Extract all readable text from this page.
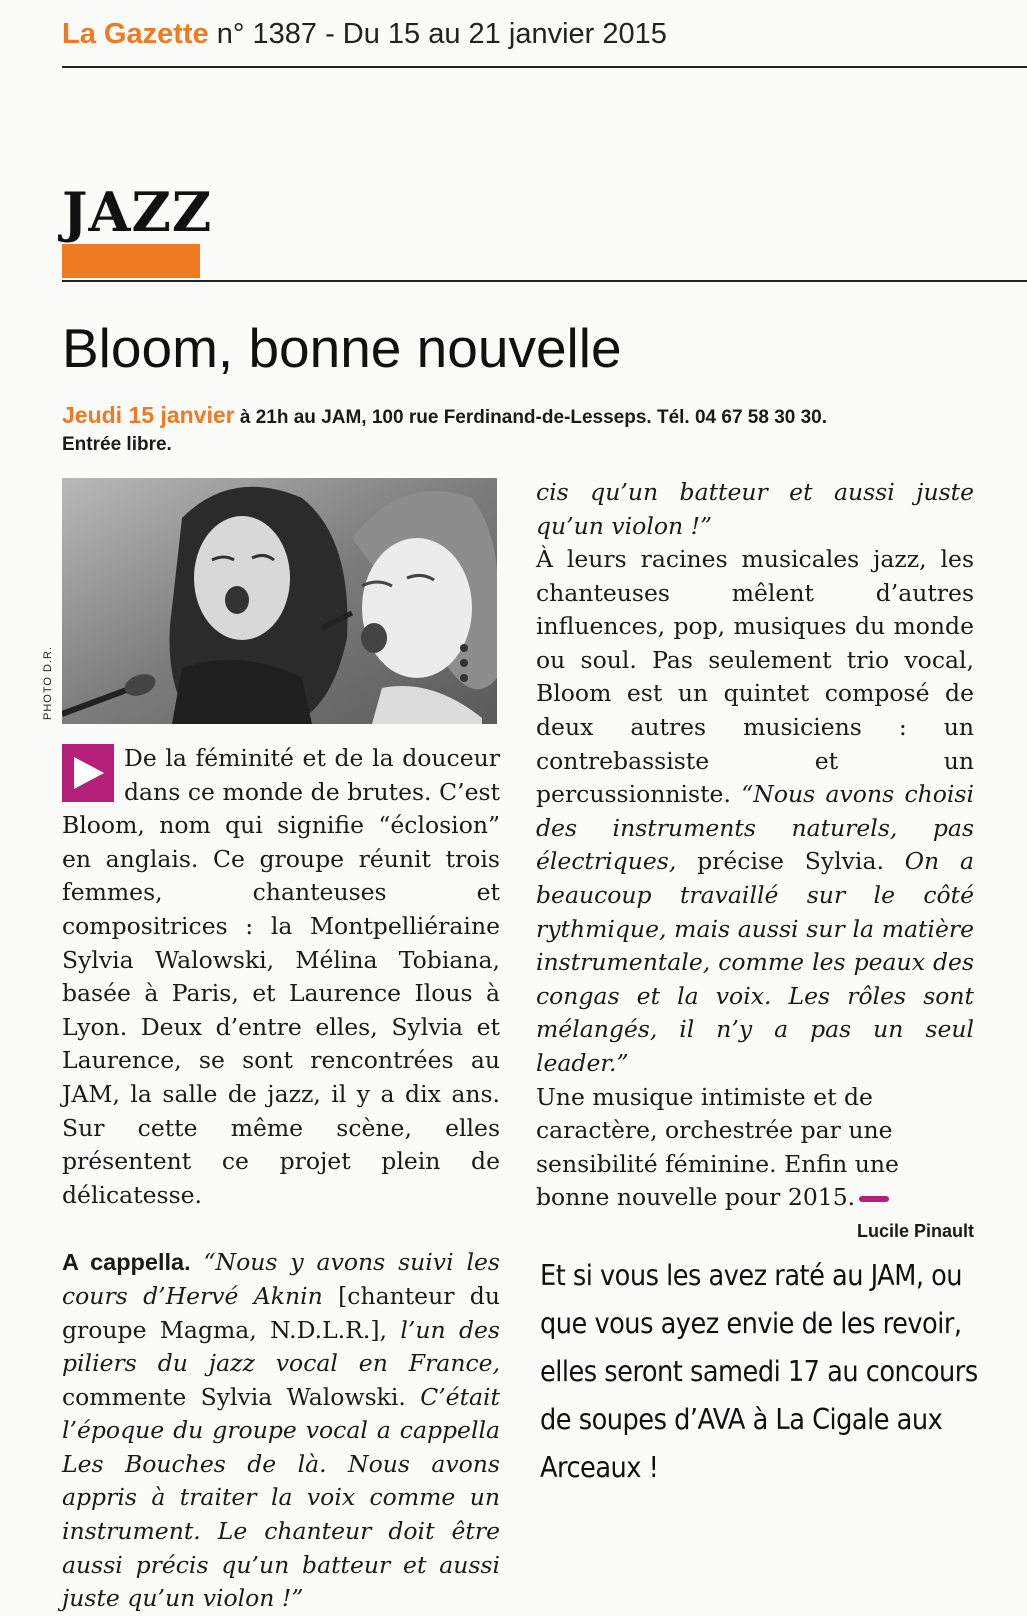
La Gazette n° 1387 - Du 15 au 21 janvier 2015
JAZZ
Bloom, bonne nouvelle
Jeudi 15 janvier à 21h au JAM, 100 rue Ferdinand-de-Lesseps. Tél. 04 67 58 30 30.
Entrée libre.
PHOTO D.R.

De la féminité et de la douceur dans ce monde de brutes. C’est Bloom, nom qui signifie “éclosion” en anglais. Ce groupe réunit trois femmes, chanteuses et compositrices : la Montpelliéraine Sylvia Walowski, Mélina Tobiana, basée à Paris, et Laurence Ilous à Lyon. Deux d’entre elles, Sylvia et Laurence, se sont rencontrées au JAM, la salle de jazz, il y a dix ans. Sur cette même scène, elles présentent ce projet plein de délicatesse.

A cappella. “Nous y avons suivi les cours d’Hervé Aknin [chanteur du groupe Magma, N.D.L.R.], l’un des piliers du jazz vocal en France, commente Sylvia Walowski. C’était l’époque du groupe vocal a cappella Les Bouches de là. Nous avons appris à traiter la voix comme un instrument. Le chanteur doit être aussi précis qu’un batteur et aussi juste qu’un violon !”

cis qu’un batteur et aussi juste qu’un violon !”

À leurs racines musicales jazz, les chanteuses mêlent d’autres influences, pop, musiques du monde ou soul. Pas seulement trio vocal, Bloom est un quintet composé de deux autres musiciens : un contrebassiste et un percussionniste. “Nous avons choisi des instruments naturels, pas électriques, précise Sylvia. On a beaucoup travaillé sur le côté rythmique, mais aussi sur la matière instrumentale, comme les peaux des congas et la voix. Les rôles sont mélangés, il n’y a pas un seul leader.”

Une musique intimiste et de caractère, orchestrée par une sensibilité féminine. Enfin une bonne nouvelle pour 2015.
Lucile Pinault

Et si vous les avez raté au JAM, ou que vous ayez envie de les revoir, elles seront samedi 17 au concours de soupes d’AVA à La Cigale aux Arceaux !
